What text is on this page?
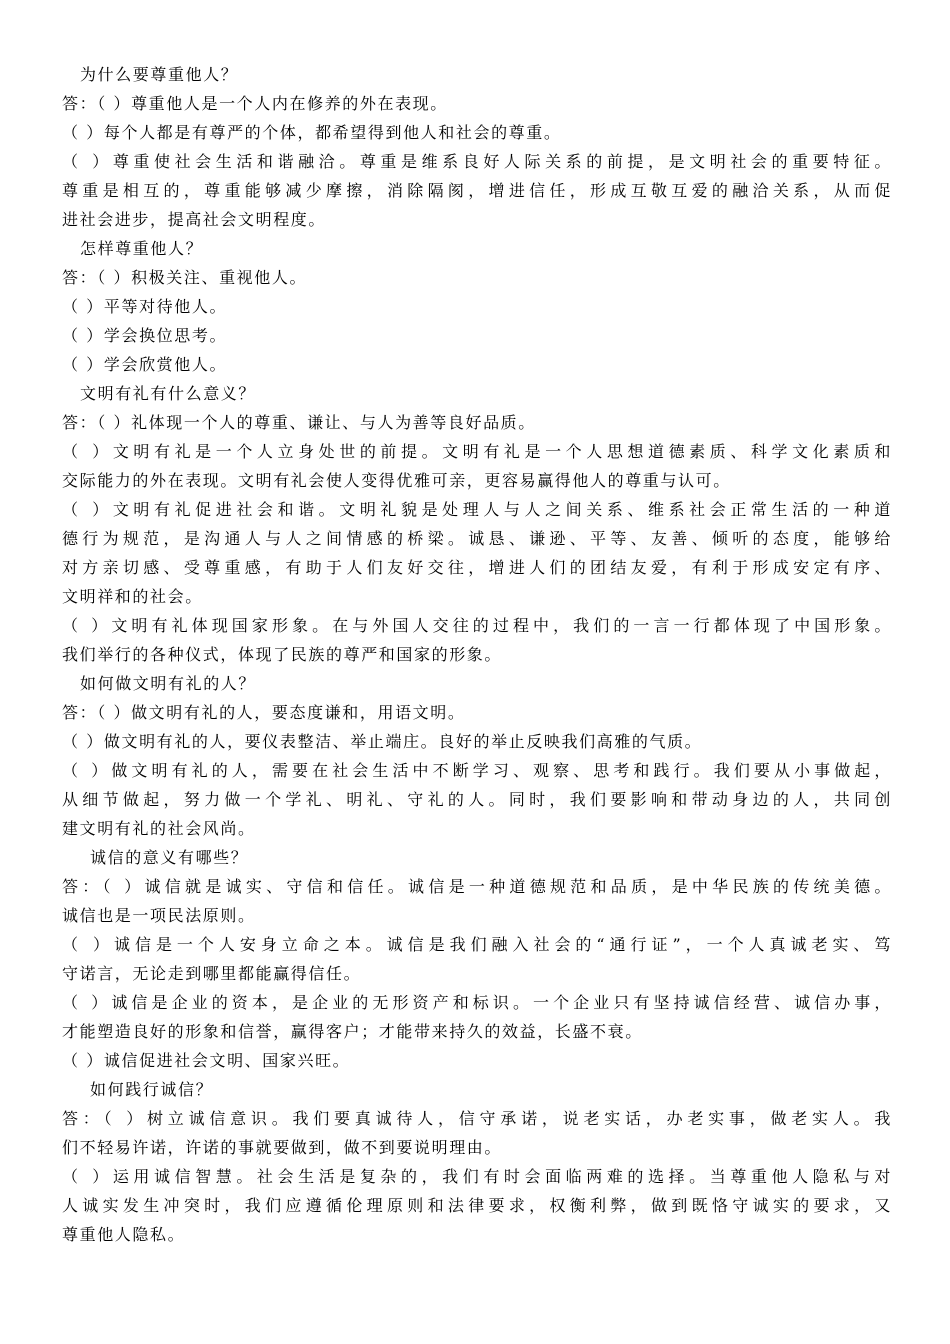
为什么要尊重他人？
答：（ ）尊重他人是一个人内在修养的外在表现。
（ ）每个人都是有尊严的个体，都希望得到他人和社会的尊重。
（ ）尊重使社会生活和谐融洽。尊重是维系良好人际关系的前提，是文明社会的重要特征。
尊重是相互的，尊重能够减少摩擦，消除隔阂，增进信任，形成互敬互爱的融洽关系，从而促
进社会进步，提高社会文明程度。
怎样尊重他人？
答：（ ）积极关注、重视他人。
（ ）平等对待他人。
（ ）学会换位思考。
（ ）学会欣赏他人。
文明有礼有什么意义？
答：（ ）礼体现一个人的尊重、谦让、与人为善等良好品质。
（ ）文明有礼是一个人立身处世的前提。文明有礼是一个人思想道德素质、科学文化素质和
交际能力的外在表现。文明有礼会使人变得优雅可亲，更容易赢得他人的尊重与认可。
（ ）文明有礼促进社会和谐。文明礼貌是处理人与人之间关系、维系社会正常生活的一种道
德行为规范，是沟通人与人之间情感的桥梁。诚恳、谦逊、平等、友善、倾听的态度，能够给
对方亲切感、受尊重感，有助于人们友好交往，增进人们的团结友爱，有利于形成安定有序、
文明祥和的社会。
（ ）文明有礼体现国家形象。在与外国人交往的过程中，我们的一言一行都体现了中国形象。
我们举行的各种仪式，体现了民族的尊严和国家的形象。
如何做文明有礼的人？
答：（ ）做文明有礼的人，要态度谦和，用语文明。
（ ）做文明有礼的人，要仪表整洁、举止端庄。良好的举止反映我们高雅的气质。
（ ）做文明有礼的人，需要在社会生活中不断学习、观察、思考和践行。我们要从小事做起，
从细节做起，努力做一个学礼、明礼、守礼的人。同时，我们要影响和带动身边的人，共同创
建文明有礼的社会风尚。
诚信的意义有哪些？
答：（ ）诚信就是诚实、守信和信任。诚信是一种道德规范和品质，是中华民族的传统美德。
诚信也是一项民法原则。
（ ）诚信是一个人安身立命之本。诚信是我们融入社会的“通行证”，一个人真诚老实、笃
守诺言，无论走到哪里都能赢得信任。
（ ）诚信是企业的资本，是企业的无形资产和标识。一个企业只有坚持诚信经营、诚信办事，
才能塑造良好的形象和信誉，赢得客户；才能带来持久的效益，长盛不衰。
（ ）诚信促进社会文明、国家兴旺。
如何践行诚信？
答：（ ）树立诚信意识。我们要真诚待人，信守承诺，说老实话，办老实事，做老实人。我
们不轻易许诺，许诺的事就要做到，做不到要说明理由。
（ ）运用诚信智慧。社会生活是复杂的，我们有时会面临两难的选择。当尊重他人隐私与对
人诚实发生冲突时，我们应遵循伦理原则和法律要求，权衡利弊，做到既恪守诚实的要求，又
尊重他人隐私。
